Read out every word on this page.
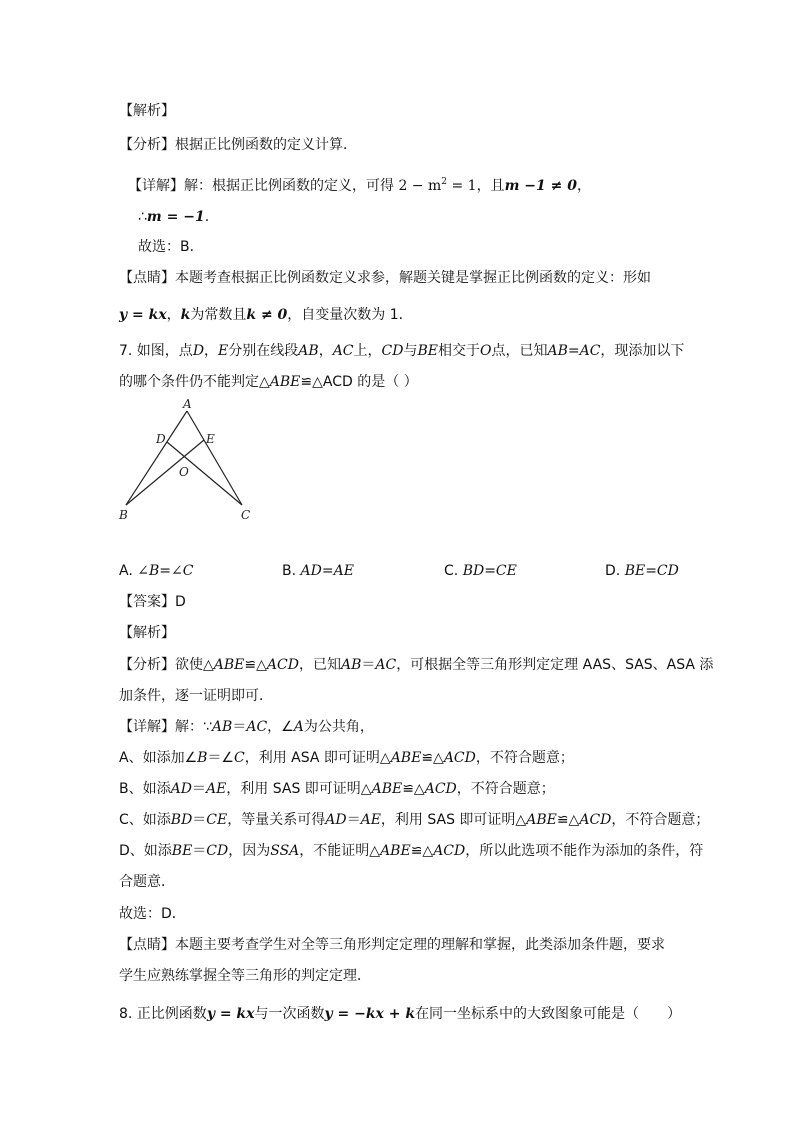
【解析】
【分析】根据正比例函数的定义计算．
【详解】解：根据正比例函数的定义，可得 $2 - m^2 = 1$，且m −1 ≠ 0，
∴m = −1.
故选：B．
【点睛】本题考查根据正比例函数定义求参，解题关键是掌握正比例函数的定义：形如
y = kx，k为常数且k ≠ 0，自变量次数为 1．
7. 如图，点D，E分别在线段AB，AC上，CD与BE相交于O点，已知AB=AC，现添加以下
的哪个条件仍不能判定△ABE≌△ACD 的是（ ）
A
D	E
O
B	C
A. ∠B=∠C	B. AD=AE	C. BD=CE	D. BE=CD
【答案】D
【解析】
【分析】欲使△ABE≌△ACD，已知AB＝AC，可根据全等三角形判定定理 AAS、SAS、ASA 添
加条件，逐一证明即可．
【详解】解：∵AB＝AC，∠A为公共角，
A、如添加∠B＝∠C，利用 ASA 即可证明△ABE≌△ACD，不符合题意；
B、如添AD＝AE，利用 SAS 即可证明△ABE≌△ACD，不符合题意；
C、如添BD＝CE，等量关系可得AD＝AE，利用 SAS 即可证明△ABE≌△ACD，不符合题意；
D、如添BE＝CD，因为SSA，不能证明△ABE≌△ACD，所以此选项不能作为添加的条件，符
合题意．
故选：D．
【点睛】本题主要考查学生对全等三角形判定定理的理解和掌握，此类添加条件题，要求
学生应熟练掌握全等三角形的判定定理．
8. 正比例函数y = kx与一次函数y = −kx + k在同一坐标系中的大致图象可能是（　　）
